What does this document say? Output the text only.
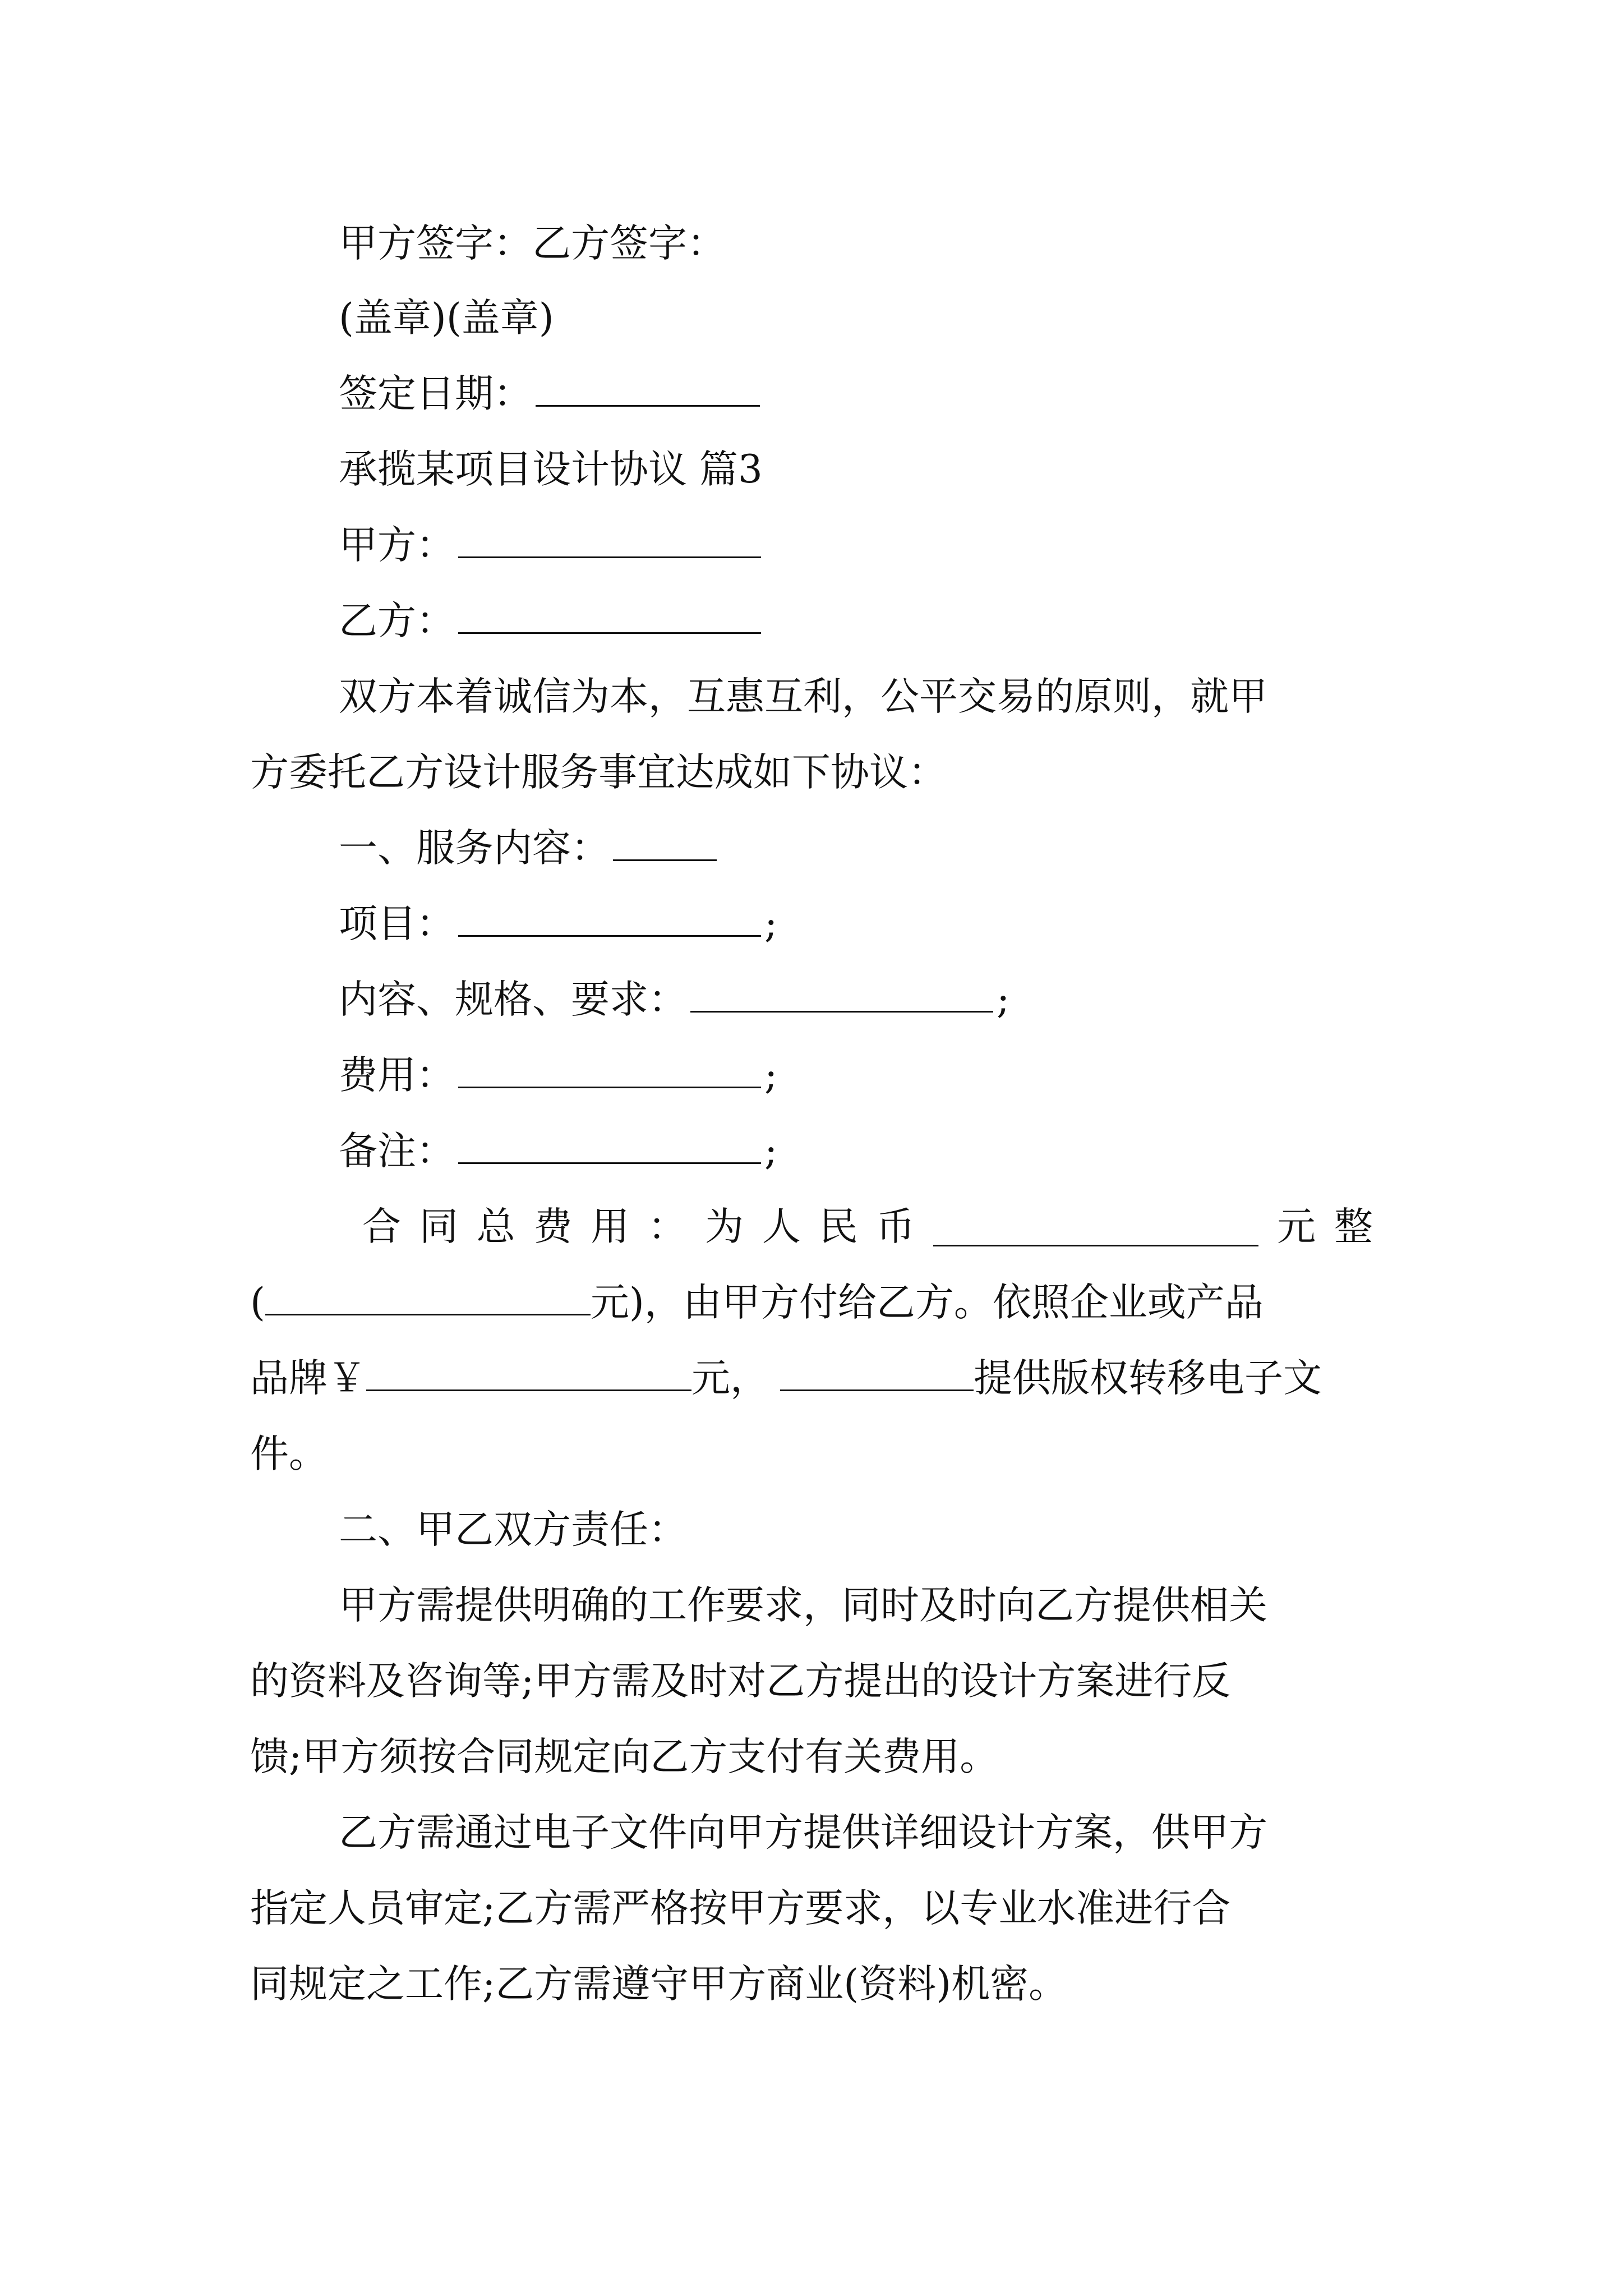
甲方签字：乙方签字：
(盖章)(盖章)
签定日期：
承揽某项目设计协议 篇3
甲方：
乙方：
双方本着诚信为本，互惠互利，公平交易的原则，就甲
方委托乙方设计服务事宜达成如下协议：
一、服务内容：
项目：	;
内容、规格、要求：	;
费用：	;
备注：	;
合 同 总 费 用 ： 为 人 民 币	元 整
(	元)，由甲方付给乙方。依照企业或产品
品牌￥	元，	提供版权转移电子文
件。
二、甲乙双方责任：
甲方需提供明确的工作要求，同时及时向乙方提供相关
的资料及咨询等;甲方需及时对乙方提出的设计方案进行反
馈;甲方须按合同规定向乙方支付有关费用。
乙方需通过电子文件向甲方提供详细设计方案，供甲方
指定人员审定;乙方需严格按甲方要求，以专业水准进行合
同规定之工作;乙方需遵守甲方商业(资料)机密。
